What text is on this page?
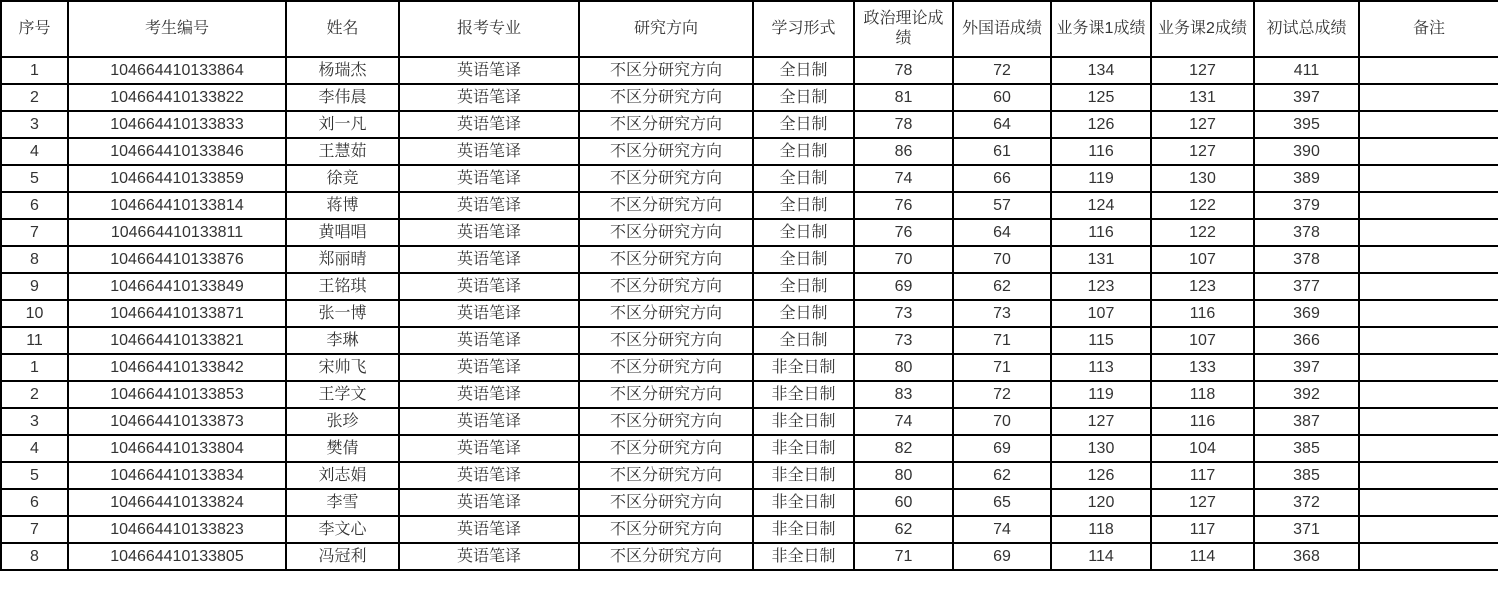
序号	考生编号	姓名	报考专业	研究方向	学习形式	政治理论成绩	外国语成绩	业务课1成绩	业务课2成绩	初试总成绩	备注
1	104664410133864	杨瑞杰	英语笔译	不区分研究方向	全日制	78	72	134	127	411	
2	104664410133822	李伟晨	英语笔译	不区分研究方向	全日制	81	60	125	131	397	
3	104664410133833	刘一凡	英语笔译	不区分研究方向	全日制	78	64	126	127	395	
4	104664410133846	王慧茹	英语笔译	不区分研究方向	全日制	86	61	116	127	390	
5	104664410133859	徐竞	英语笔译	不区分研究方向	全日制	74	66	119	130	389	
6	104664410133814	蒋博	英语笔译	不区分研究方向	全日制	76	57	124	122	379	
7	104664410133811	黄唱唱	英语笔译	不区分研究方向	全日制	76	64	116	122	378	
8	104664410133876	郑丽晴	英语笔译	不区分研究方向	全日制	70	70	131	107	378	
9	104664410133849	王铭琪	英语笔译	不区分研究方向	全日制	69	62	123	123	377	
10	104664410133871	张一博	英语笔译	不区分研究方向	全日制	73	73	107	116	369	
11	104664410133821	李琳	英语笔译	不区分研究方向	全日制	73	71	115	107	366	
1	104664410133842	宋帅飞	英语笔译	不区分研究方向	非全日制	80	71	113	133	397	
2	104664410133853	王学文	英语笔译	不区分研究方向	非全日制	83	72	119	118	392	
3	104664410133873	张珍	英语笔译	不区分研究方向	非全日制	74	70	127	116	387	
4	104664410133804	樊倩	英语笔译	不区分研究方向	非全日制	82	69	130	104	385	
5	104664410133834	刘志娟	英语笔译	不区分研究方向	非全日制	80	62	126	117	385	
6	104664410133824	李雪	英语笔译	不区分研究方向	非全日制	60	65	120	127	372	
7	104664410133823	李文心	英语笔译	不区分研究方向	非全日制	62	74	118	117	371	
8	104664410133805	冯冠利	英语笔译	不区分研究方向	非全日制	71	69	114	114	368	
